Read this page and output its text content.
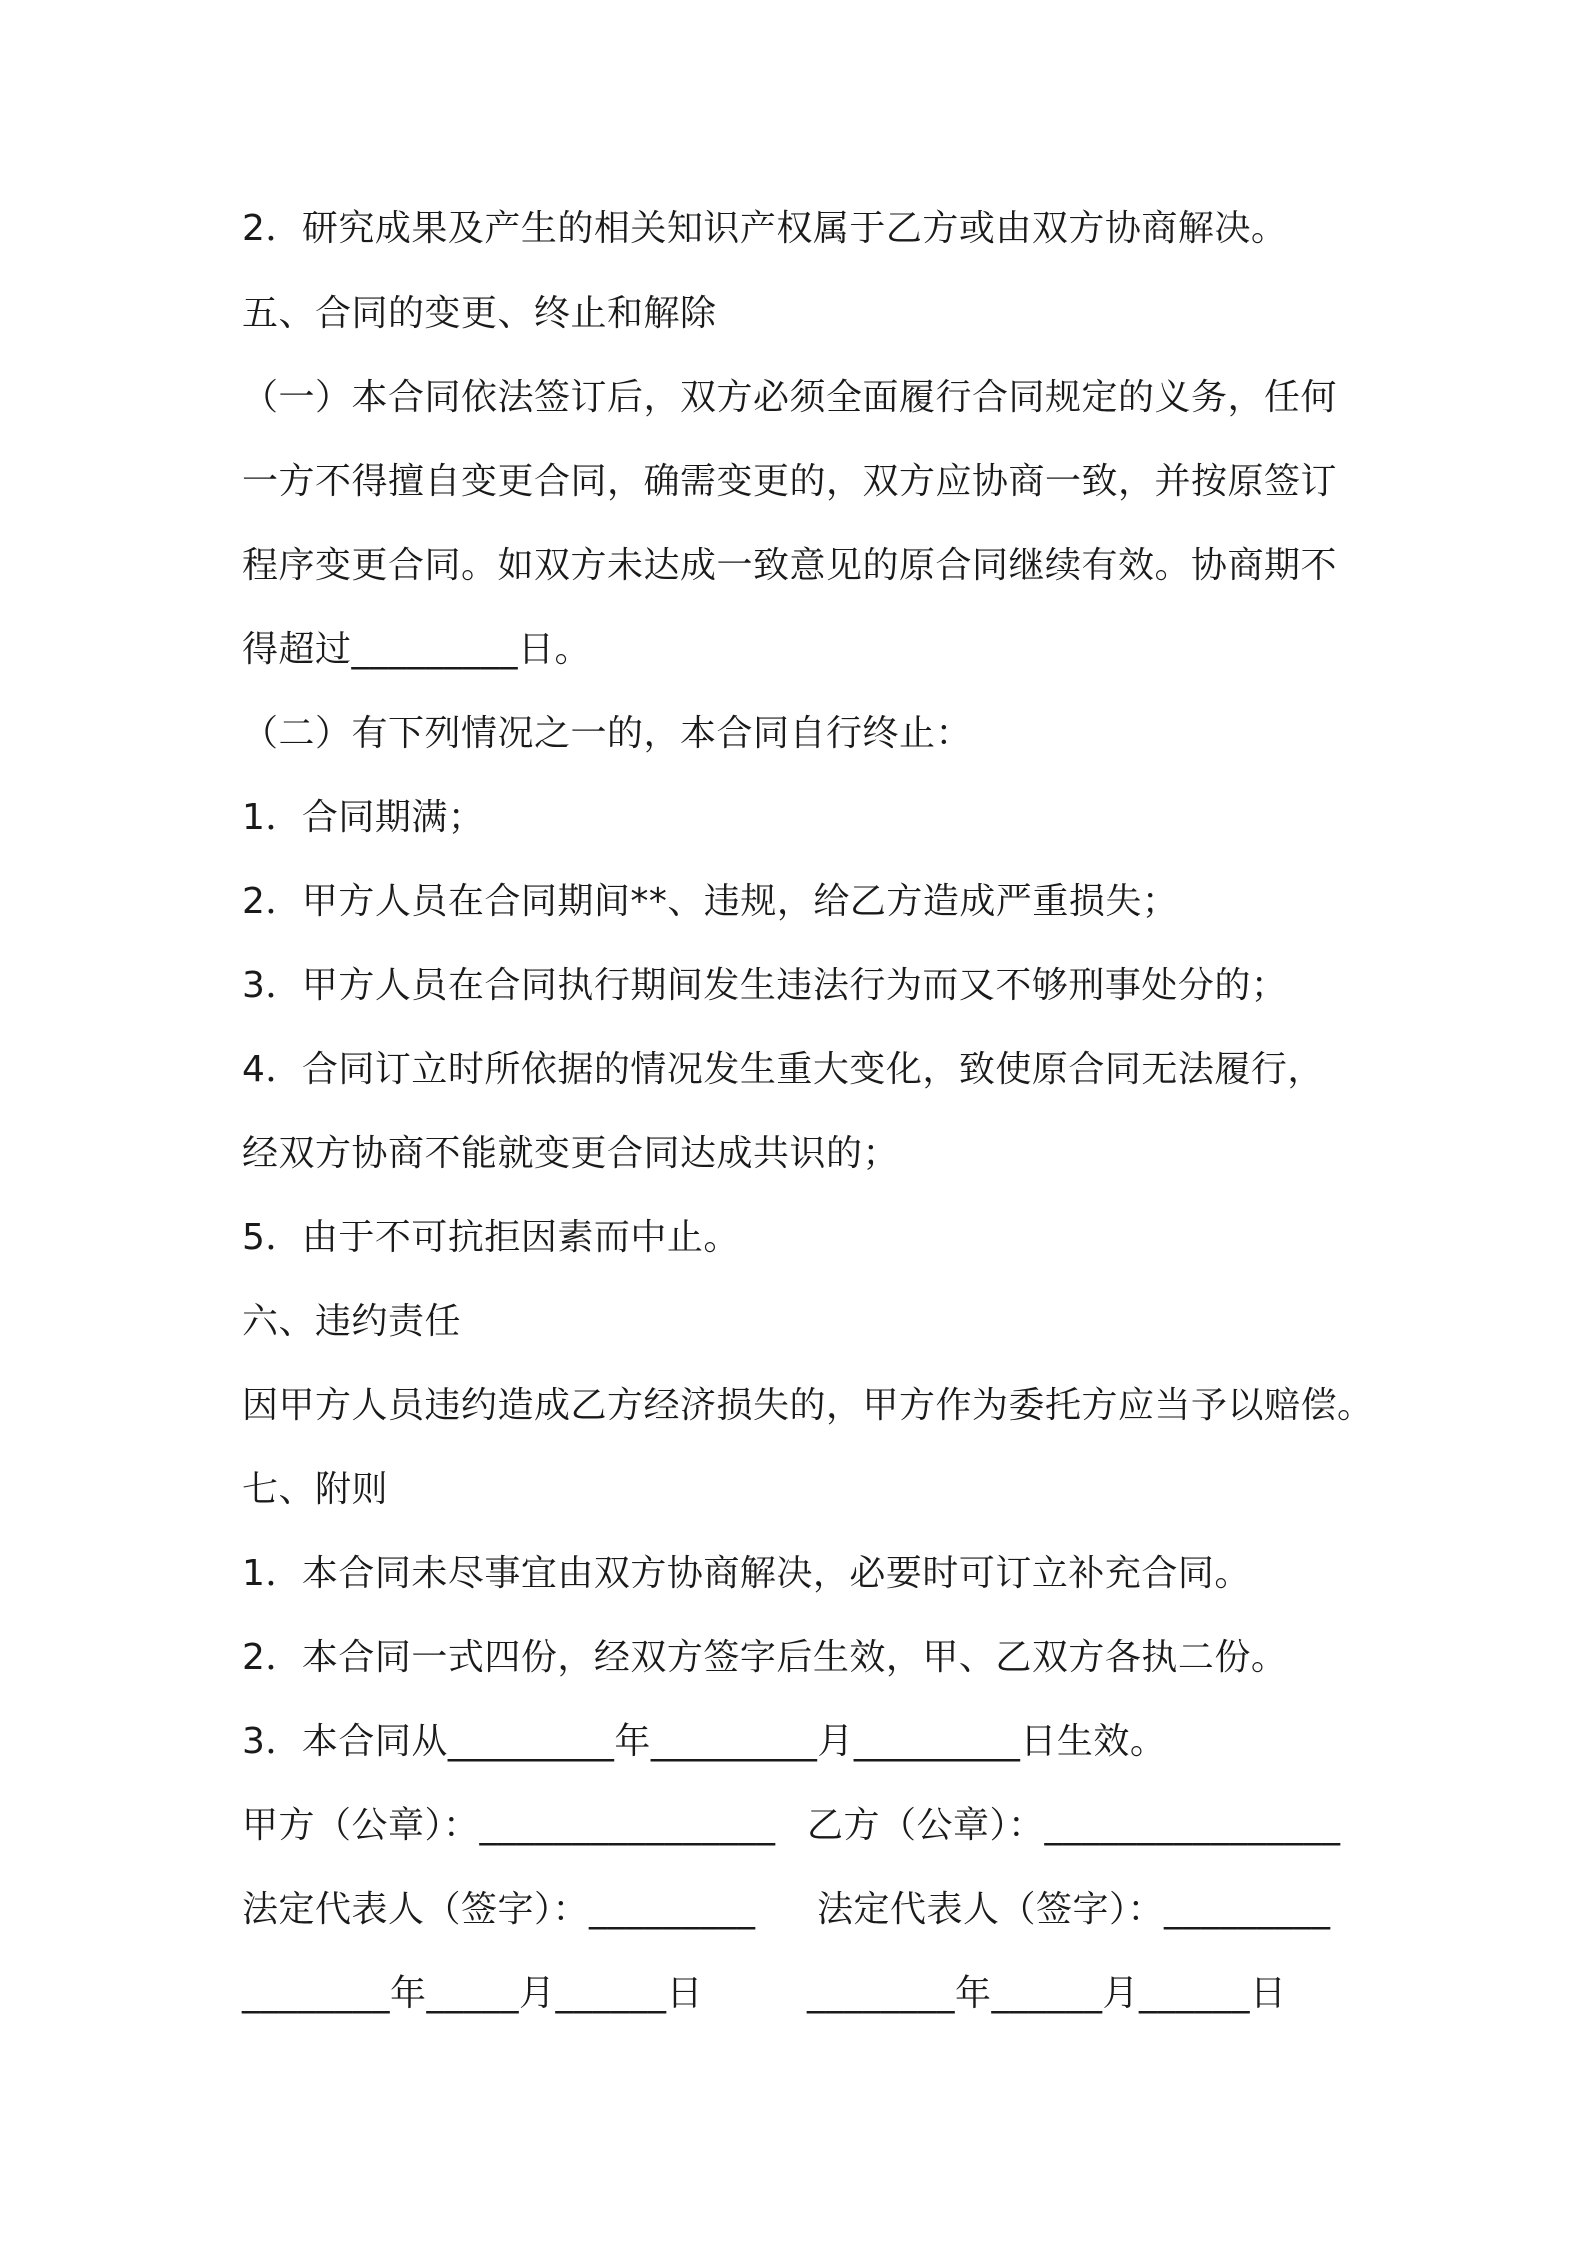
2．研究成果及产生的相关知识产权属于乙方或由双方协商解决。
五、合同的变更、终止和解除
（一）本合同依法签订后，双方必须全面履行合同规定的义务，任何
一方不得擅自变更合同，确需变更的，双方应协商一致，并按原签订
程序变更合同。如双方未达成一致意见的原合同继续有效。协商期不
得超过_________日。
（二）有下列情况之一的，本合同自行终止：
1．合同期满；
2．甲方人员在合同期间**、违规，给乙方造成严重损失；
3．甲方人员在合同执行期间发生违法行为而又不够刑事处分的；
4．合同订立时所依据的情况发生重大变化，致使原合同无法履行，
经双方协商不能就变更合同达成共识的；
5．由于不可抗拒因素而中止。
六、违约责任
因甲方人员违约造成乙方经济损失的，甲方作为委托方应当予以赔偿。
七、附则
1．本合同未尽事宜由双方协商解决，必要时可订立补充合同。
2．本合同一式四份，经双方签字后生效，甲、乙双方各执二份。
3．本合同从_________年_________月_________日生效。
甲方（公章）：________________ 乙方（公章）：________________
法定代表人（签字）：_________ 法定代表人（签字）：_________
________年_____月______日	________年______月______日
